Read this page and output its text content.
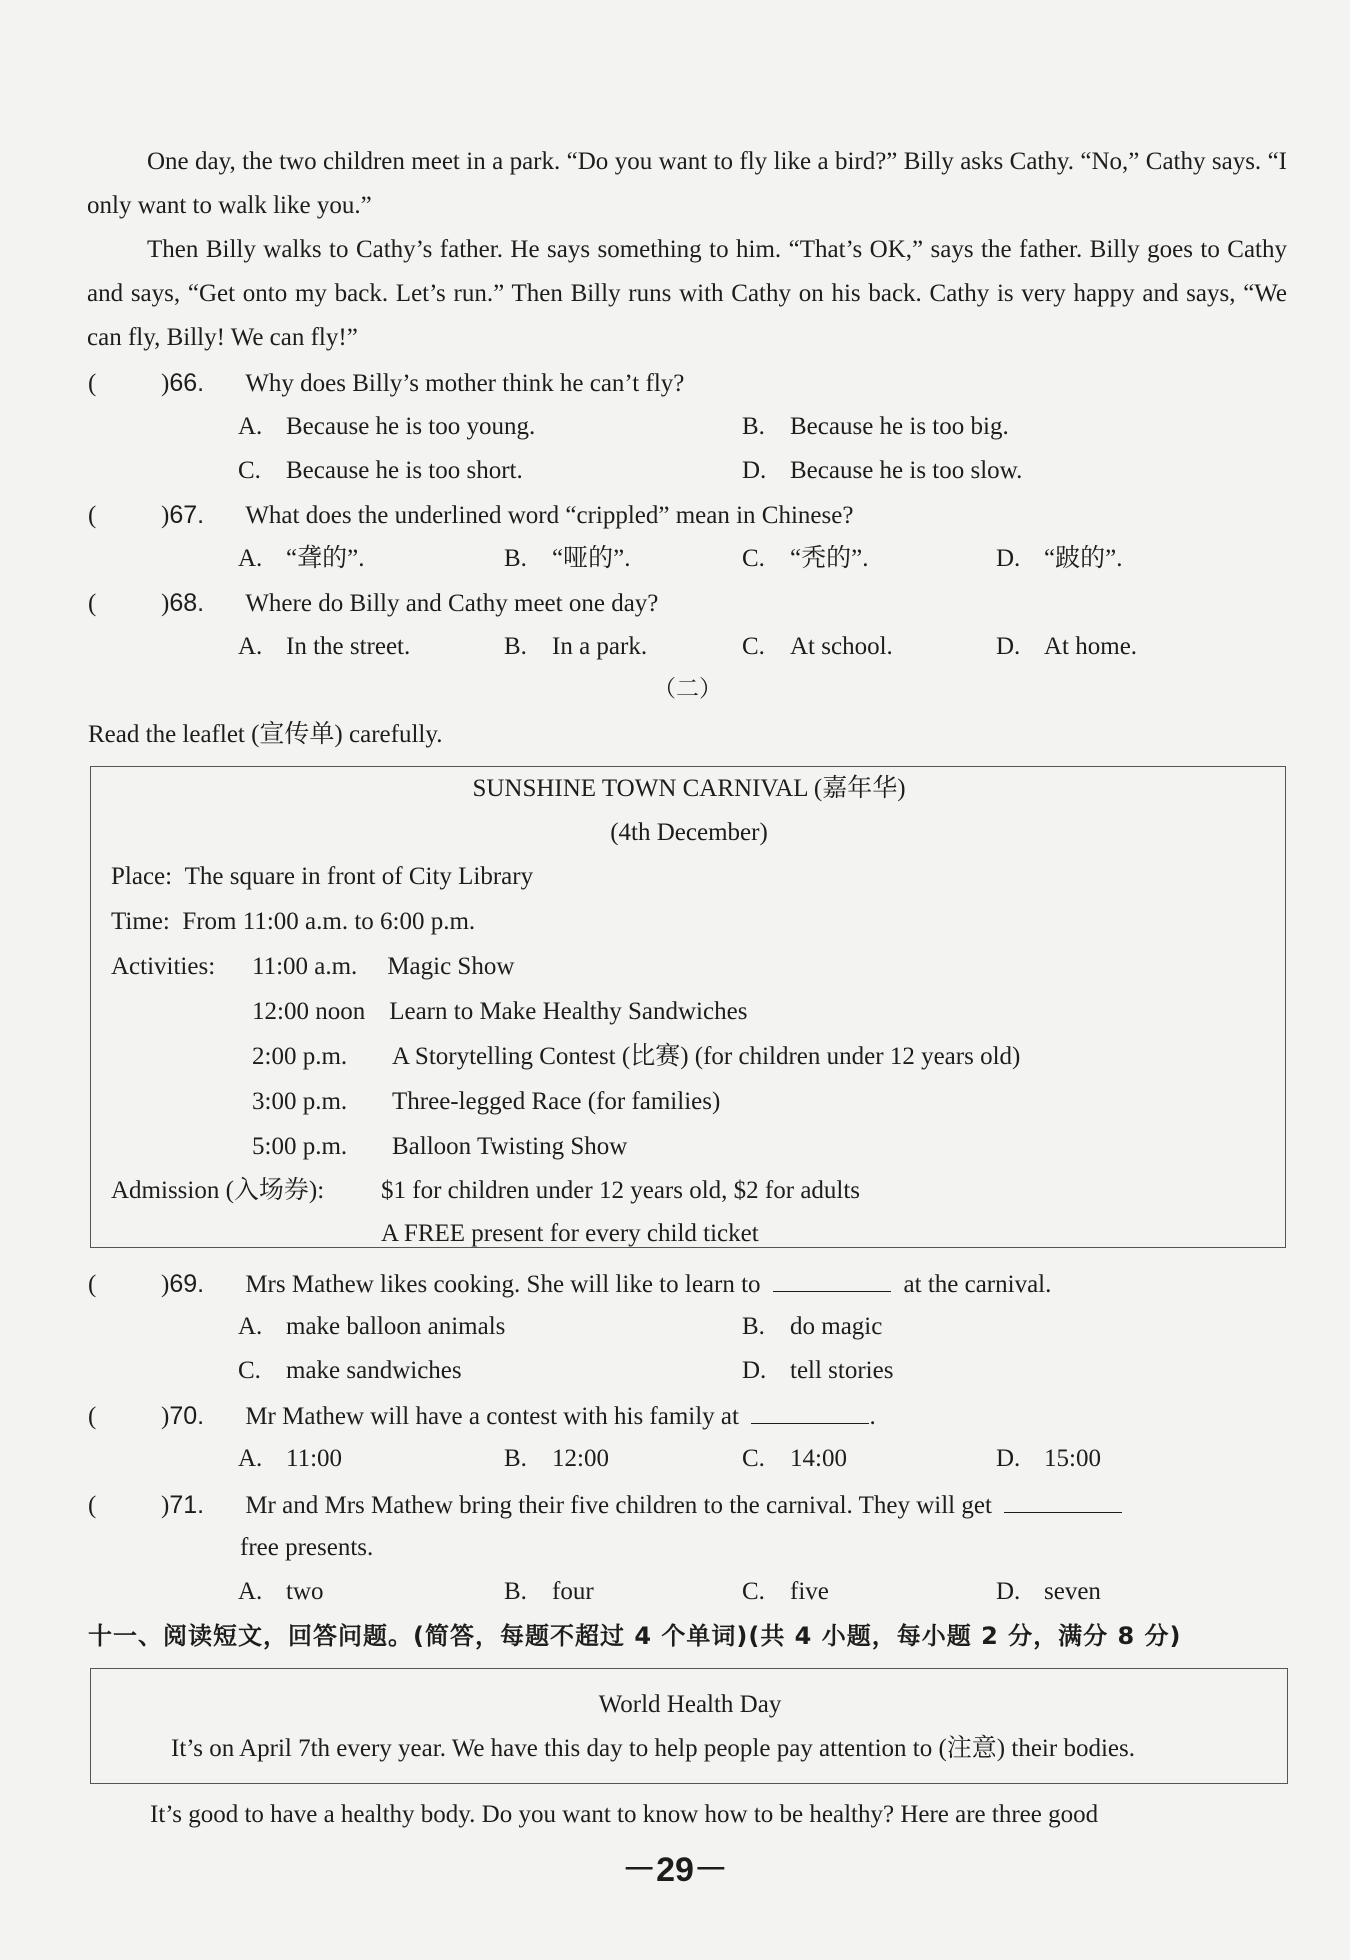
One day, the two children meet in a park. “Do you want to fly like a bird?” Billy asks Cathy. “No,” Cathy says. “I only want to walk like you.”

Then Billy walks to Cathy’s father. He says something to him. “That’s OK,” says the father. Billy goes to Cathy and says, “Get onto my back. Let’s run.” Then Billy runs with Cathy on his back. Cathy is very happy and says, “We can fly, Billy! We can fly!”

(	)66. Why does Billy’s mother think he can’t fly?
A. Because he is too young.	B. Because he is too big.
C. Because he is too short.	D. Because he is too slow.
(	)67. What does the underlined word “crippled” mean in Chinese?
A. “聋的”.	B. “哑的”.	C. “秃的”.	D. “跛的”.
(	)68. Where do Billy and Cathy meet one day?
A. In the street.	B. In a park.	C. At school.	D. At home.
（二）
Read the leaflet (宣传单) carefully.
SUNSHINE TOWN CARNIVAL (嘉年华)
(4th December)
Place: The square in front of City Library
Time: From 11:00 a.m. to 6:00 p.m.
Activities: 11:00 a.m. Magic Show
12:00 noon Learn to Make Healthy Sandwiches
2:00 p.m. A Storytelling Contest (比赛) (for children under 12 years old)
3:00 p.m. Three-legged Race (for families)
5:00 p.m. Balloon Twisting Show
Admission (入场券): $1 for children under 12 years old, $2 for adults
A FREE present for every child ticket
(	)69. Mrs Mathew likes cooking. She will like to learn to	at the carnival.
A. make balloon animals	B. do magic
C. make sandwiches	D. tell stories
(	)70. Mr Mathew will have a contest with his family at	.
A. 11:00	B. 12:00	C. 14:00	D. 15:00
(	)71. Mr and Mrs Mathew bring their five children to the carnival. They will get
free presents.
A. two	B. four	C. five	D. seven
十一、阅读短文，回答问题。(简答，每题不超过 4 个单词)(共 4 小题，每小题 2 分，满分 8 分)
World Health Day
It’s on April 7th every year. We have this day to help people pay attention to (注意) their bodies.
It’s good to have a healthy body. Do you want to know how to be healthy? Here are three good
－29－
